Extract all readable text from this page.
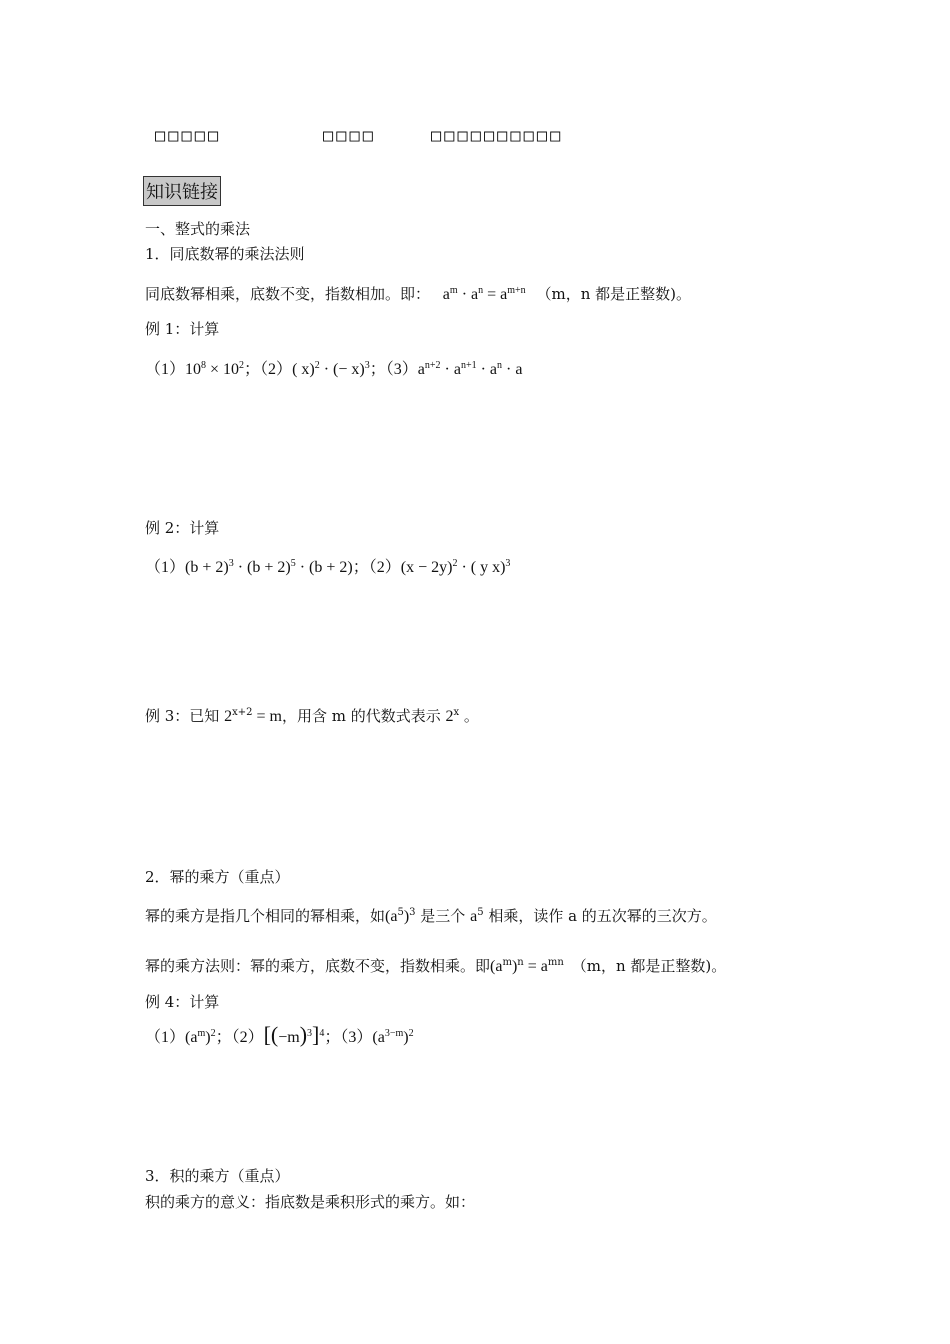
□□□□□	□□□□	□□□□□□□□□□
知识链接
一、整式的乘法
1．同底数幂的乘法法则
同底数幂相乘，底数不变，指数相加。即： $a^m \cdot a^n = a^{m+n}$ （m，n 都是正整数)。
例 1：计算
$(1)10^8 \times 10^2$；（2）( x)$^2$ · (− x)$^3$；$(3)a^{n+2} \cdot a^{n+1} \cdot a^n \cdot a$
例 2：计算
$(1)(b + 2)^3 \cdot (b + 2)^5 \cdot (b + 2)$；$(2)(x - 2y)^2$ · ( y x)$^3$
例 3：已知 $2^{x+2} = m$，用含 m 的代数式表示 2$^x$ 。
2．幂的乘方（重点）
幂的乘方是指几个相同的幂相乘，如$(a^5)^3$ 是三个 $a^5$ 相乘，读作 a 的五次幂的三次方。
幂的乘方法则：幂的乘方，底数不变，指数相乘。即$(a^m)^n = a^{mn}$ （m，n 都是正整数)。
例 4：计算
$(1)(a^m)^2$；$(2)[(-m)^3]^4$；$(3)(a^{3-m})^2$
3．积的乘方（重点）
积的乘方的意义：指底数是乘积形式的乘方。如：
